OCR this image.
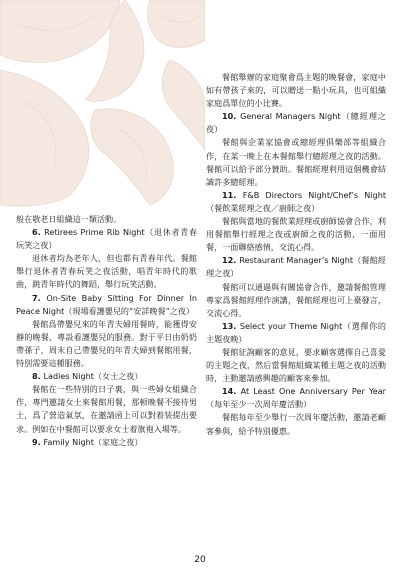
般在敬老日組織這一類活動。

6. Retirees Prime Rib Night（退休者青春玩笑之夜）

退休者均為老年人，但也都有青春年代。餐館舉行退休者青春玩笑之夜活動，唱青年時代的歌曲，跳青年時代的舞蹈，舉行玩笑活動。

7. On-Site Baby Sitting For Dinner In Peace Night（現場看護嬰兒的“安詳晚餐”之夜）

餐館爲帶嬰兒來的年青夫婦用餐時，能獲得安靜的晚餐，專設看護嬰兒的服務。對于平日由奶奶帶孫子，周末自己帶嬰兒的年青夫婦到餐館用餐，特別需要這種服務。

8. Ladies Night（女士之夜）

餐館在一些特別的日子裏，與一些婦女組織合作，專門邀請女士來餐館用餐，那顿晚餐不接待男士，爲了營造氣氛，在邀請函上可以對着装提出要求。例如在中餐館可以要求女士着旗袍入場等。

9. Family Night（家庭之夜）

餐館舉辦的家庭聚會爲主題的晚餐會，家庭中如有帶孩子來的，可以贈送一點小玩具，也可組織家庭爲單位的小比賽。

10. General Managers Night（總經理之夜）

餐館與企業家協會或總經理俱樂部等組織合作，在某一晚上在本餐館舉行總經理之夜的活動。餐館可以給予部分贊助。餐館經理利用這個機會結識許多總經理。

11. F&B Directors Night/Chef’s Night（餐飲業經理之夜／廚師之夜）

餐館與當地的餐飲業經理或廚師協會合作，利用餐館舉行經理之夜或廚師之夜的活動，一面用餐，一面聯絡感情，交流心得。

12. Restaurant Manager’s Night（餐館經理之夜）

餐館可以通過與有關協會合作，邀請餐館管理專家爲餐館經理作演講，餐館經理也可上臺發言，交流心得。

13. Select your Theme Night（選擇你的主題夜晚）

餐館征詢顧客的意見，要求顧客選擇自己喜愛的主題之夜，然后當餐館組織某種主題之夜的活動時，主動邀請感興趣的顧客來參加。

14. At Least One Anniversary Per Year（每年至少一次周年慶活動）

餐館每年至少舉行一次周年慶活動，邀請老顧客參與，給予特別優惠。

20
